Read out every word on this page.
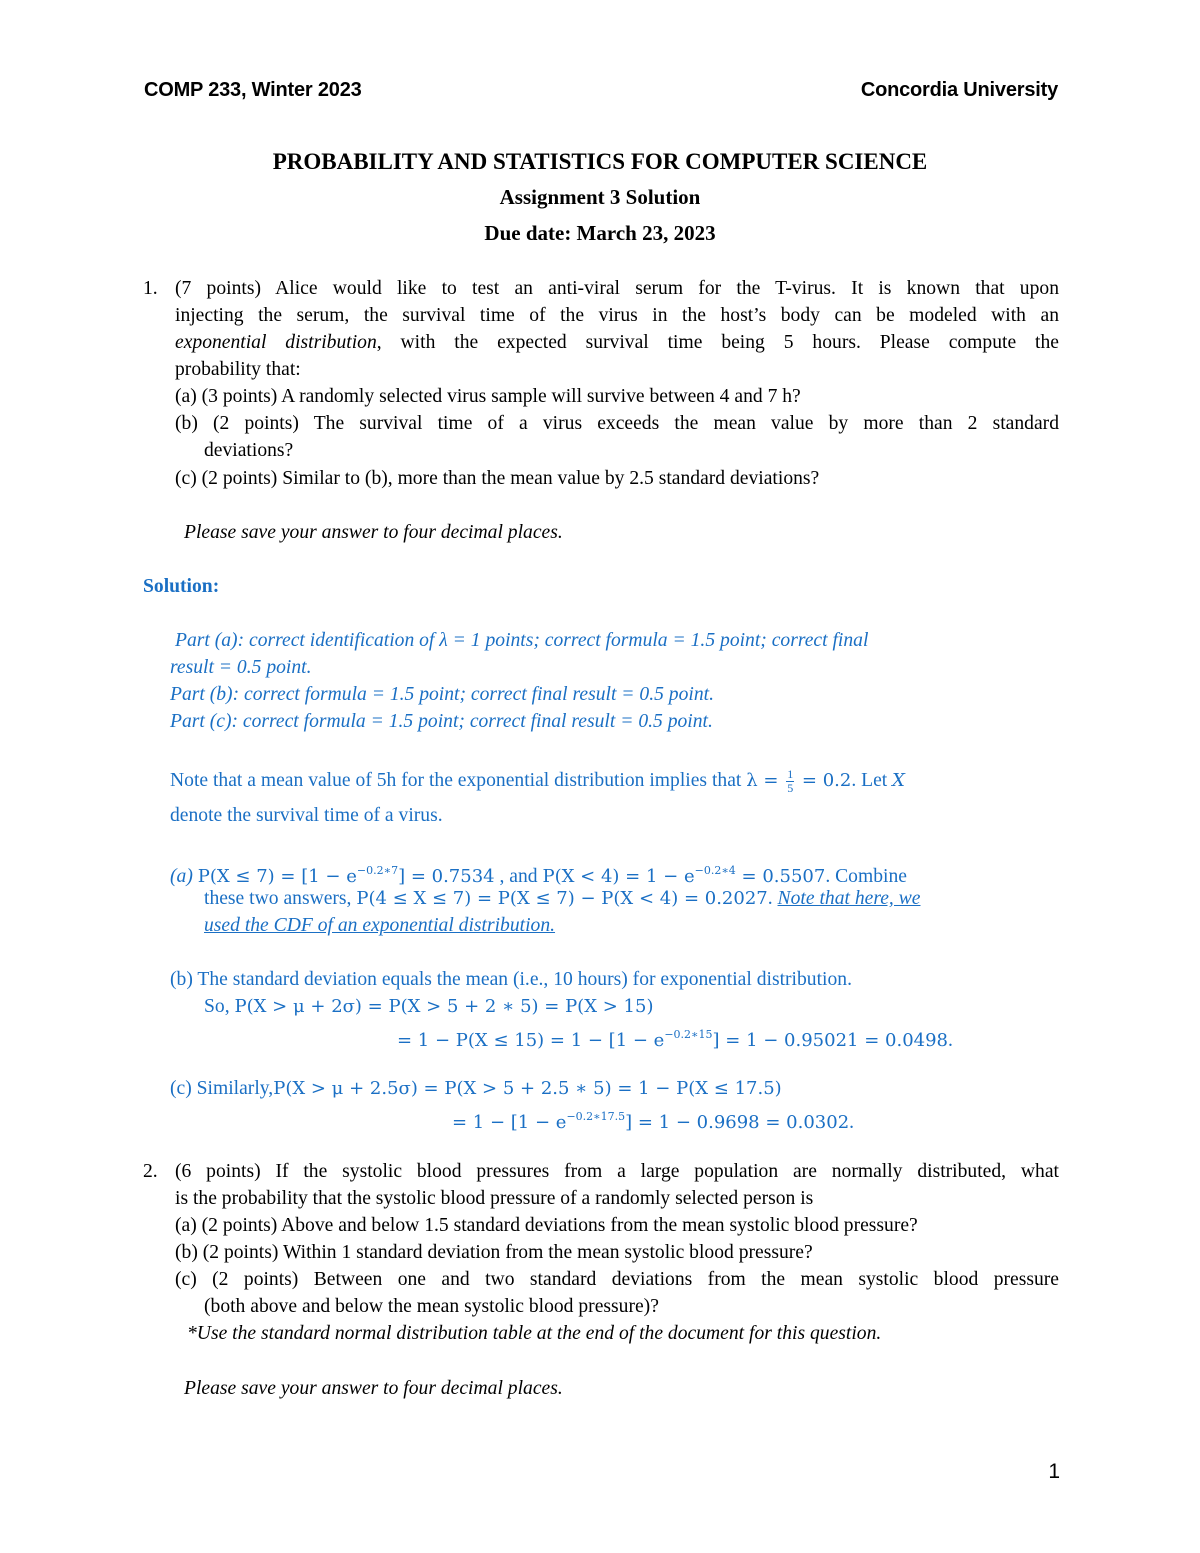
COMP 233, Winter 2023	Concordia University
PROBABILITY AND STATISTICS FOR COMPUTER SCIENCE
Assignment 3 Solution
Due date: March 23, 2023
1. (7 points) Alice would like to test an anti-viral serum for the T-virus. It is known that upon
injecting the serum, the survival time of the virus in the host’s body can be modeled with an
exponential distribution, with the expected survival time being 5 hours. Please compute the
probability that:
(a) (3 points) A randomly selected virus sample will survive between 4 and 7 h?
(b) (2 points) The survival time of a virus exceeds the mean value by more than 2 standard
deviations?
(c) (2 points) Similar to (b), more than the mean value by 2.5 standard deviations?
Please save your answer to four decimal places.
Solution:
Part (a): correct identification of λ = 1 points; correct formula = 1.5 point; correct final
result = 0.5 point.
Part (b): correct formula = 1.5 point; correct final result = 0.5 point.
Part (c): correct formula = 1.5 point; correct final result = 0.5 point.
Note that a mean value of 5h for the exponential distribution implies that $\lambda = \frac{1}{5} = 0.2$. Let X
denote the survival time of a virus.
(a) $P(X \le 7) = [1 - e^{-0.2∗7}] = 0.7534$ , and $P(X < 4) = 1 - e^{-0.2∗4} = 0.5507$. Combine
these two answers, P(4 ≤ X ≤ 7) = P(X ≤ 7) − P(X < 4) = 0.2027. Note that here, we
used the CDF of an exponential distribution.
(b) The standard deviation equals the mean (i.e., 10 hours) for exponential distribution.
So, P(X > μ + 2σ) = P(X > 5 + 2 ∗ 5) = P(X > 15)
= $1 - P(X \le 15) = 1 - [1 - e^{-0.2∗15}] = 1 - 0.95021 = 0.0498$.
(c) Similarly,P(X > μ + 2.5σ) = P(X > 5 + 2.5 ∗ 5) = 1 − P(X ≤ 17.5)
= $1 - [1 - e^{-0.2∗17.5}] = 1 - 0.9698 = 0.0302$.
2. (6 points) If the systolic blood pressures from a large population are normally distributed, what
is the probability that the systolic blood pressure of a randomly selected person is
(a) (2 points) Above and below 1.5 standard deviations from the mean systolic blood pressure?
(b) (2 points) Within 1 standard deviation from the mean systolic blood pressure?
(c) (2 points) Between one and two standard deviations from the mean systolic blood pressure
(both above and below the mean systolic blood pressure)?
*Use the standard normal distribution table at the end of the document for this question.
Please save your answer to four decimal places.
1
